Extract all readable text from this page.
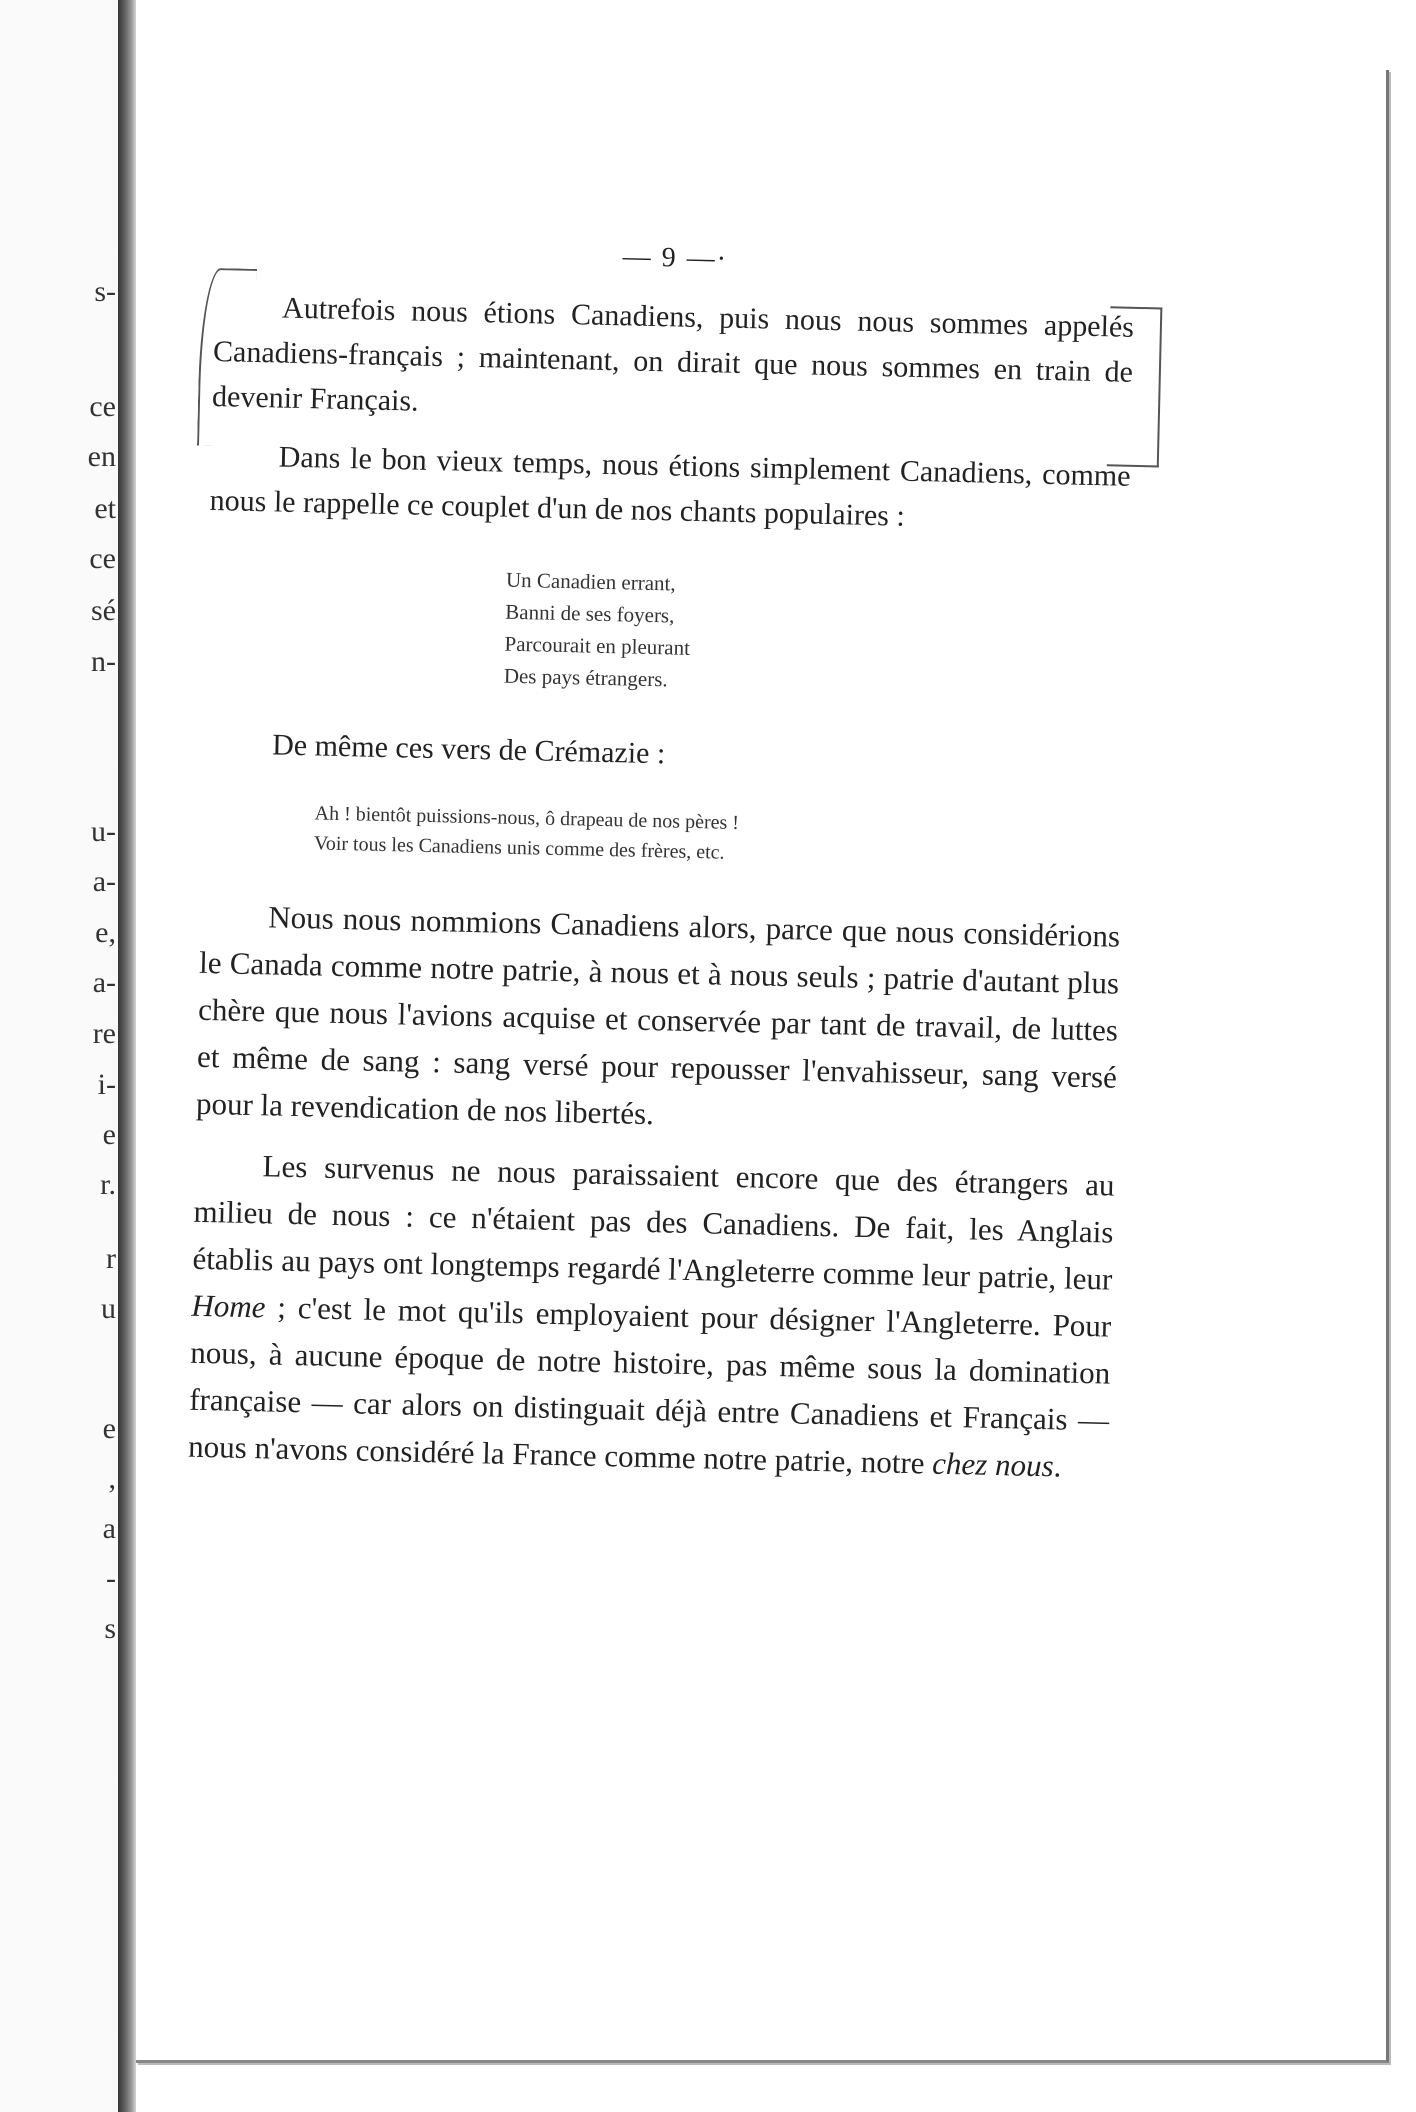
s-
ce
en
et
ce
sé
n-
u-
a-
e,
a-
re
i-
e
r.
r
u
e
,
a
-
s
— 9 —·

Autrefois nous étions Canadiens, puis nous nous sommes appelés Canadiens-français ; maintenant, on dirait que nous sommes en train de devenir Français.

Dans le bon vieux temps, nous étions simplement Canadiens, comme nous le rappelle ce couplet d'un de nos chants populaires :

Un Canadien errant,
Banni de ses foyers,
Parcourait en pleurant
Des pays étrangers.

De même ces vers de Crémazie :

Ah ! bientôt puissions-nous, ô drapeau de nos pères !
Voir tous les Canadiens unis comme des frères, etc.

Nous nous nommions Canadiens alors, parce que nous considérions le Canada comme notre patrie, à nous et à nous seuls ; patrie d'autant plus chère que nous l'avions acquise et conservée par tant de travail, de luttes et même de sang : sang versé pour repousser l'envahisseur, sang versé pour la revendication de nos libertés.

Les survenus ne nous paraissaient encore que des étrangers au milieu de nous : ce n'étaient pas des Canadiens. De fait, les Anglais établis au pays ont longtemps regardé l'Angleterre comme leur patrie, leur Home ; c'est le mot qu'ils employaient pour désigner l'Angleterre. Pour nous, à aucune époque de notre histoire, pas même sous la domination française — car alors on distinguait déjà entre Canadiens et Français — nous n'avons considéré la France comme notre patrie, notre chez nous.
